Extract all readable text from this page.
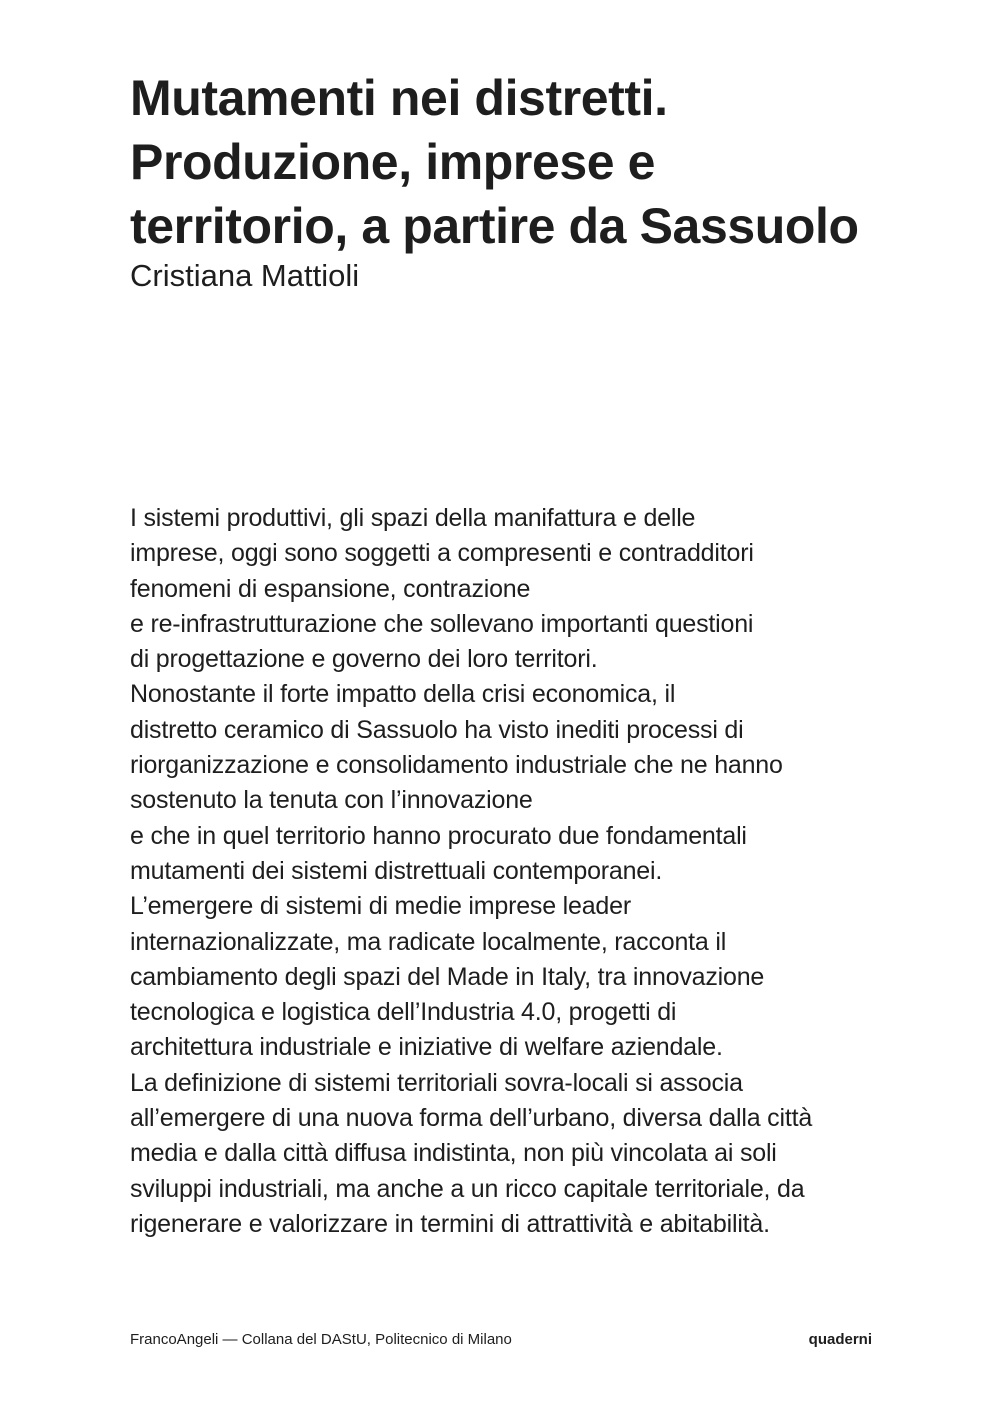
Mutamenti nei distretti.
Produzione, imprese e
territorio, a partire da Sassuolo
Cristiana Mattioli
I sistemi produttivi, gli spazi della manifattura e delle
imprese, oggi sono soggetti a compresenti e contradditori
fenomeni di espansione, contrazione
e re-infrastrutturazione che sollevano importanti questioni
di progettazione e governo dei loro territori.
Nonostante il forte impatto della crisi economica, il
distretto ceramico di Sassuolo ha visto inediti processi di
riorganizzazione e consolidamento industriale che ne hanno
sostenuto la tenuta con l’innovazione
e che in quel territorio hanno procurato due fondamentali
mutamenti dei sistemi distrettuali contemporanei.
L’emergere di sistemi di medie imprese leader
internazionalizzate, ma radicate localmente, racconta il
cambiamento degli spazi del Made in Italy, tra innovazione
tecnologica e logistica dell’Industria 4.0, progetti di
architettura industriale e iniziative di welfare aziendale.
La definizione di sistemi territoriali sovra-locali si associa
all’emergere di una nuova forma dell’urbano, diversa dalla città
media e dalla città diffusa indistinta, non più vincolata ai soli
sviluppi industriali, ma anche a un ricco capitale territoriale, da
rigenerare e valorizzare in termini di attrattività e abitabilità.
FrancoAngeli — Collana del DAStU, Politecnico di Milano	quaderni
